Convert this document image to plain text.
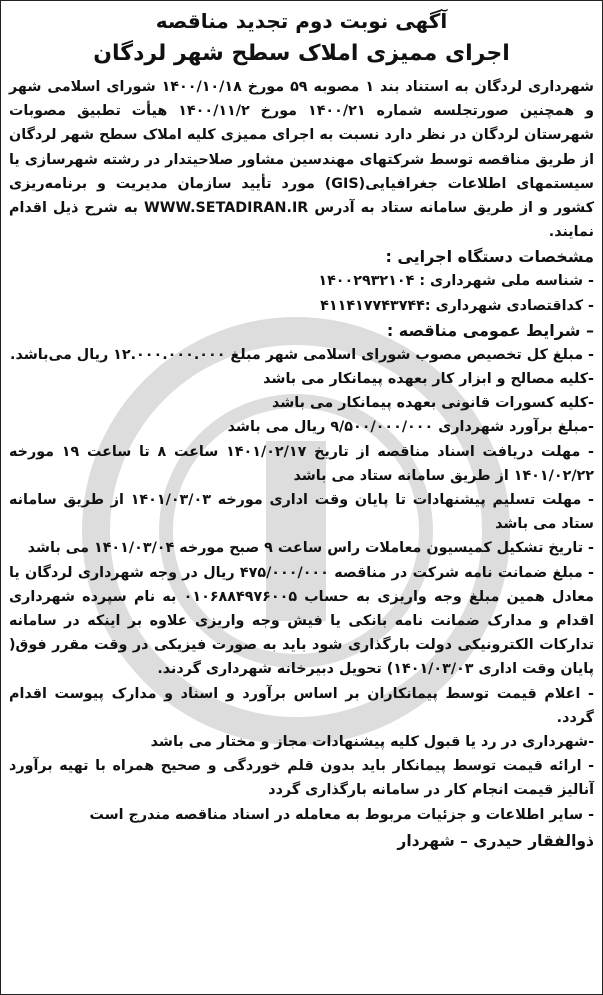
آگهی نوبت دوم تجدید مناقصه

اجرای ممیزی املاک سطح شهر لردگان

شهرداری لردگان به استناد بند ۱ مصوبه ۵۹ مورخ ۱۴۰۰/۱۰/۱۸ شورای اسلامی شهر و همچنین صورتجلسه شماره ۱۴۰۰/۲۱ مورخ ۱۴۰۰/۱۱/۲ هیأت تطبیق مصوبات شهرستان لردگان در نظر دارد نسبت به اجرای ممیزی کلیه املاک سطح شهر لردگان از طریق مناقصه توسط شرکتهای مهندسین مشاور صلاحیتدار در رشته شهرسازی یا سیستمهای اطلاعات جغرافیایی(GIS) مورد تأیید سازمان مدیریت و برنامه‌ریزی کشور و از طریق سامانه ستاد به آدرس WWW.SETADIRAN.IR به شرح ذیل اقدام نمایند.

مشخصات دستگاه اجرایی :

- شناسه ملی شهرداری : ۱۴۰۰۲۹۳۲۱۰۴

- کداقتصادی شهرداری :۴۱۱۴۱۷۷۴۳۷۴۴

– شرایط عمومی مناقصه :

- مبلغ کل تخصیص مصوب شورای اسلامی شهر مبلغ ۱۲.۰۰۰.۰۰۰.۰۰۰ ریال می‌باشد.

-کلیه مصالح و ابزار کار بعهده پیمانکار می باشد

-کلیه کسورات قانونی بعهده پیمانکار می باشد

-مبلغ برآورد شهرداری ۹/۵۰۰/۰۰۰/۰۰۰ ریال می باشد

- مهلت دریافت اسناد مناقصه از تاریخ ۱۴۰۱/۰۲/۱۷ ساعت ۸ تا ساعت ۱۹ مورخه ۱۴۰۱/۰۲/۲۲ از طریق سامانه ستاد می باشد

- مهلت تسلیم پیشنهادات تا پایان وقت اداری مورخه ۱۴۰۱/۰۳/۰۳ از طریق سامانه ستاد می باشد

- تاریخ تشکیل کمیسیون معاملات راس ساعت ۹ صبح مورخه ۱۴۰۱/۰۳/۰۴ می باشد

- مبلغ ضمانت نامه شرکت در مناقصه ۴۷۵/۰۰۰/۰۰۰ ریال در وجه شهرداری لردگان یا معادل همین مبلغ وجه واریزی به حساب ۰۱۰۶۸۸۴۹۷۶۰۰۵ به نام سپرده شهرداری اقدام و مدارک ضمانت نامه بانکی یا فیش وجه واریزی علاوه بر اینکه در سامانه تدارکات الکترونیکی دولت بارگذاری شود باید به صورت فیزیکی در وقت مقرر فوق( پایان وقت اداری ۱۴۰۱/۰۳/۰۳) تحویل دبیرخانه شهرداری گردند.

- اعلام قیمت توسط پیمانکاران بر اساس برآورد و اسناد و مدارک پیوست اقدام گردد.

-شهرداری در رد یا قبول کلیه پیشنهادات مجاز و مختار می باشد

- ارائه قیمت توسط پیمانکار باید بدون قلم خوردگی و صحیح همراه با تهیه برآورد آنالیز قیمت انجام کار در سامانه بارگذاری گردد

- سایر اطلاعات و جزئیات مربوط به معامله در اسناد مناقصه مندرج است

ذوالفقار حیدری – شهردار
